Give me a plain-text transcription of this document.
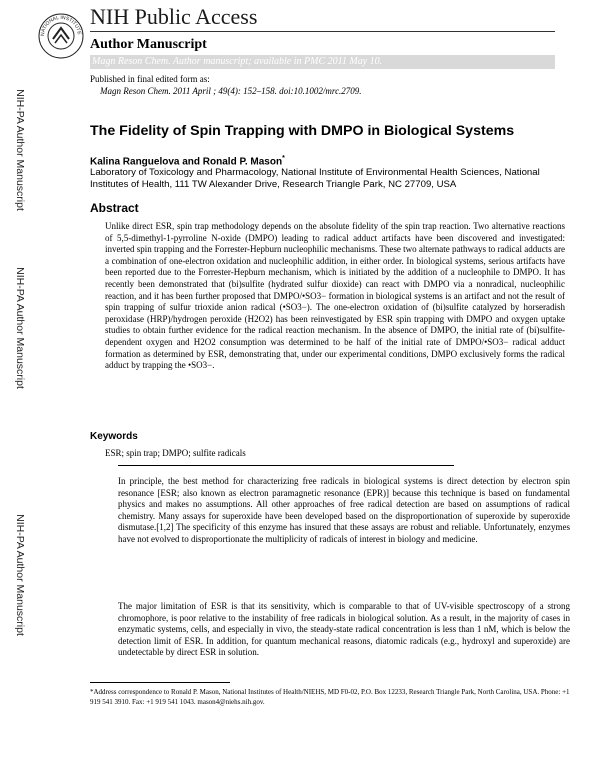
NATIONAL INSTITUTE
NIH Public Access
Author Manuscript
Magn Reson Chem. Author manuscript; available in PMC 2011 May 10.
Published in final edited form as:
Magn Reson Chem. 2011 April ; 49(4): 152–158. doi:10.1002/mrc.2709.
NIH-PA Author Manuscript
NIH-PA Author Manuscript
NIH-PA Author Manuscript
The Fidelity of Spin Trapping with DMPO in Biological Systems
Kalina Ranguelova and Ronald P. Mason*
Laboratory of Toxicology and Pharmacology, National Institute of Environmental Health Sciences, National Institutes of Health, 111 TW Alexander Drive, Research Triangle Park, NC 27709, USA
Abstract
Unlike direct ESR, spin trap methodology depends on the absolute fidelity of the spin trap reaction. Two alternative reactions of 5,5-dimethyl-1-pyrroline N-oxide (DMPO) leading to radical adduct artifacts have been discovered and investigated: inverted spin trapping and the Forrester-Hepburn nucleophilic mechanisms. These two alternate pathways to radical adducts are a combination of one-electron oxidation and nucleophilic addition, in either order. In biological systems, serious artifacts have been reported due to the Forrester-Hepburn mechanism, which is initiated by the addition of a nucleophile to DMPO. It has recently been demonstrated that (bi)sulfite (hydrated sulfur dioxide) can react with DMPO via a nonradical, nucleophilic reaction, and it has been further proposed that DMPO/•SO3− formation in biological systems is an artifact and not the result of spin trapping of sulfur trioxide anion radical (•SO3−). The one-electron oxidation of (bi)sulfite catalyzed by horseradish peroxidase (HRP)/hydrogen peroxide (H2O2) has been reinvestigated by ESR spin trapping with DMPO and oxygen uptake studies to obtain further evidence for the radical reaction mechanism. In the absence of DMPO, the initial rate of (bi)sulfite-dependent oxygen and H2O2 consumption was determined to be half of the initial rate of DMPO/•SO3− radical adduct formation as determined by ESR, demonstrating that, under our experimental conditions, DMPO exclusively forms the radical adduct by trapping the •SO3−.
Keywords
ESR; spin trap; DMPO; sulfite radicals
In principle, the best method for characterizing free radicals in biological systems is direct detection by electron spin resonance [ESR; also known as electron paramagnetic resonance (EPR)] because this technique is based on fundamental physics and makes no assumptions. All other approaches of free radical detection are based on assumptions of radical chemistry. Many assays for superoxide have been developed based on the disproportionation of superoxide by superoxide dismutase.[1,2] The specificity of this enzyme has insured that these assays are robust and reliable. Unfortunately, enzymes have not evolved to disproportionate the multiplicity of radicals of interest in biology and medicine.
The major limitation of ESR is that its sensitivity, which is comparable to that of UV-visible spectroscopy of a strong chromophore, is poor relative to the instability of free radicals in biological solution. As a result, in the majority of cases in enzymatic systems, cells, and especially in vivo, the steady-state radical concentration is less than 1 nM, which is below the detection limit of ESR. In addition, for quantum mechanical reasons, diatomic radicals (e.g., hydroxyl and superoxide) are undetectable by direct ESR in solution.
*Address correspondence to Ronald P. Mason, National Institutes of Health/NIEHS, MD F0-02, P.O. Box 12233, Research Triangle Park, North Carolina, USA. Phone: +1 919 541 3910. Fax: +1 919 541 1043. mason4@niehs.nih.gov.
